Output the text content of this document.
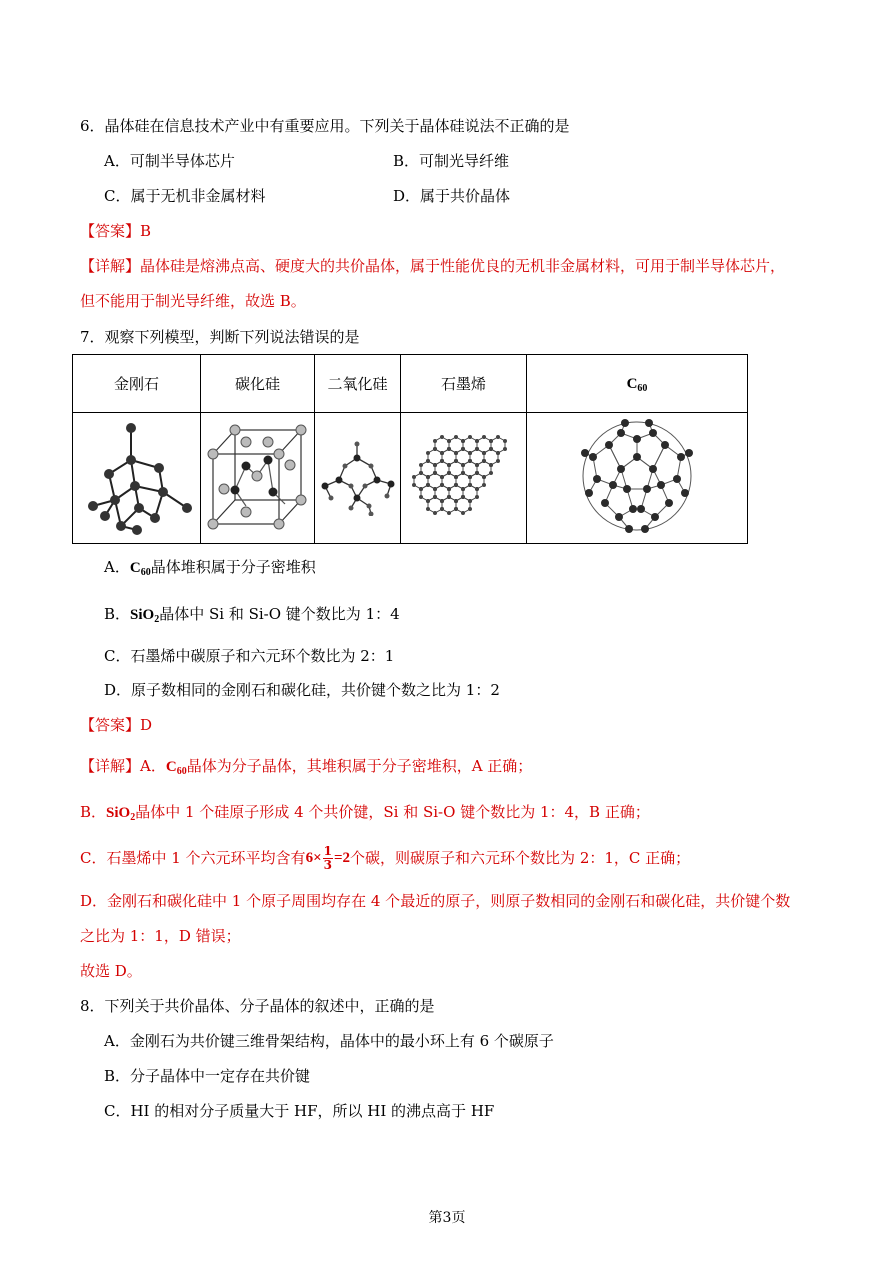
6．晶体硅在信息技术产业中有重要应用。下列关于晶体硅说法不正确的是
A．可制半导体芯片	B．可制光导纤维
C．属于无机非金属材料	D．属于共价晶体
【答案】B
【详解】晶体硅是熔沸点高、硬度大的共价晶体，属于性能优良的无机非金属材料，可用于制半导体芯片，
但不能用于制光导纤维，故选 B。
7．观察下列模型，判断下列说法错误的是
金刚石	碳化硅	二氧化硅	石墨烯	$C_{60}$

A．$C_{60}$晶体堆积属于分子密堆积
B．SiO$_2$晶体中 Si 和 Si-O 键个数比为 1：4
C．石墨烯中碳原子和六元环个数比为 2：1
D．原子数相同的金刚石和碳化硅，共价键个数之比为 1：2
【答案】D
【详解】A．$C_{60}$晶体为分子晶体，其堆积属于分子密堆积，A 正确；
B．SiO$_2$晶体中 1 个硅原子形成 4 个共价键，Si 和 Si-O 键个数比为 1：4，B 正确；
C．石墨烯中 1 个六元环平均含有 $6\times \frac{1}{3} =2$ 个碳，则碳原子和六元环个数比为 2：1，C 正确；
D．金刚石和碳化硅中 1 个原子周围均存在 4 个最近的原子，则原子数相同的金刚石和碳化硅，共价键个数
之比为 1：1，D 错误；
故选 D。
8．下列关于共价晶体、分子晶体的叙述中，正确的是
A．金刚石为共价键三维骨架结构，晶体中的最小环上有 6 个碳原子
B．分子晶体中一定存在共价键
C．HI 的相对分子质量大于 HF，所以 HI 的沸点高于 HF
第3页
